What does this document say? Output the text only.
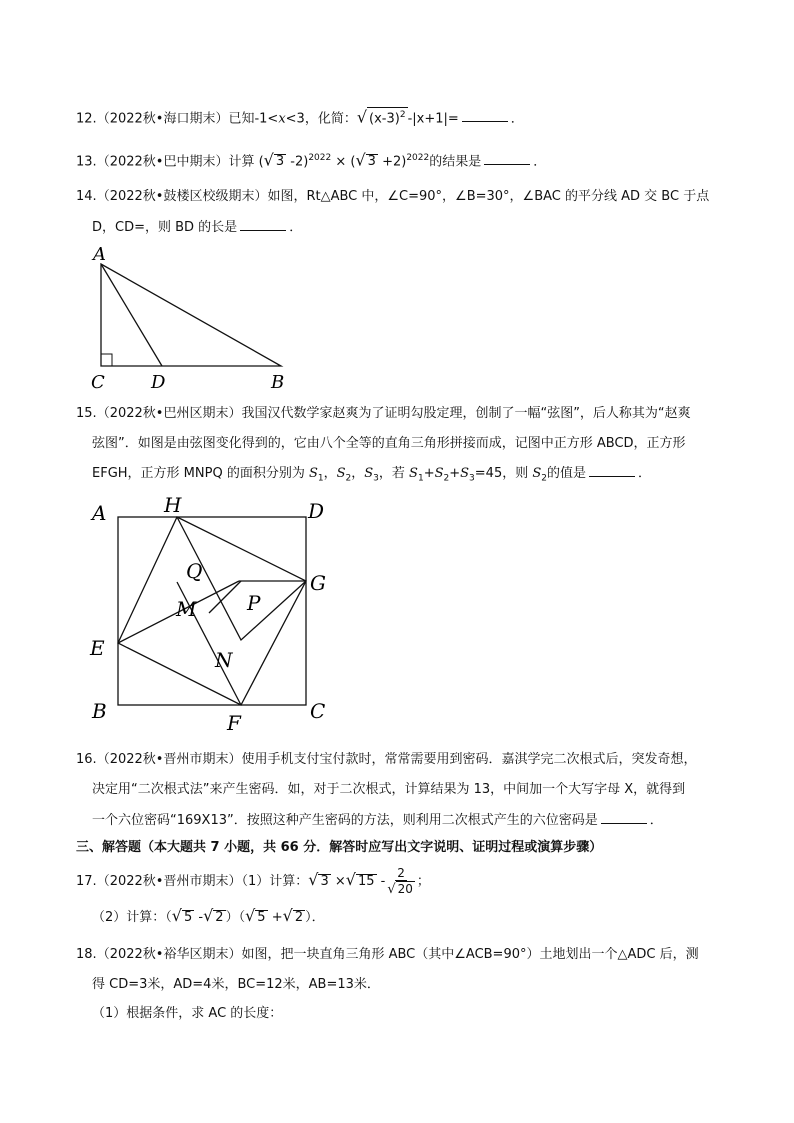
12.（2022秋•海口期末）已知-1<x<3，化简：√ $(x-3)^2$ -|x+1|=	．
13.（2022秋•巴中期末）计算 (√ 3 -2)$^{2022}$ × (√ 3 +2)$^{2022}$的结果是	．
14.（2022秋•鼓楼区校级期末）如图，Rt△ABC 中，∠C=90°，∠B=30°，∠BAC 的平分线 AD 交 BC 于点
D，CD=，则 BD 的长是	．
A
C	D	B
15.（2022秋•巴州区期末）我国汉代数学家赵爽为了证明勾股定理，创制了一幅“弦图”，后人称其为“赵爽
弦图”．如图是由弦图变化得到的，它由八个全等的直角三角形拼接而成，记图中正方形 ABCD，正方形
EFGH，正方形 MNPQ 的面积分别为 $S_1$，$S_2$，$S_3$，若 $S_1+S_2+S_3=45$，则 $S_2$的值是	．
A	H	D
G
Q
M	P
E	N
B	F	C
16.（2022秋•晋州市期末）使用手机支付宝付款时，常常需要用到密码．嘉淇学完二次根式后，突发奇想，
决定用“二次根式法”来产生密码．如，对于二次根式，计算结果为 13，中间加一个大写字母 X，就得到
一个六位密码“169X13”．按照这种产生密码的方法，则利用二次根式产生的六位密码是	．
三、解答题（本大题共 7 小题，共 66 分．解答时应写出文字说明、证明过程或演算步骤）
17.（2022秋•晋州市期末）（1）计算：√ 3 ×√ $15 - \frac{2}{√ 20}$ ；
（2）计算：（√ 5 -√ 2 ）（√ 5 +√ 2 ）．
18.（2022秋•裕华区期末）如图，把一块直角三角形 ABC（其中∠ACB=90°）土地划出一个△ADC 后，测
得 CD=3米，AD=4米，BC=12米，AB=13米．
（1）根据条件，求 AC 的长度：
